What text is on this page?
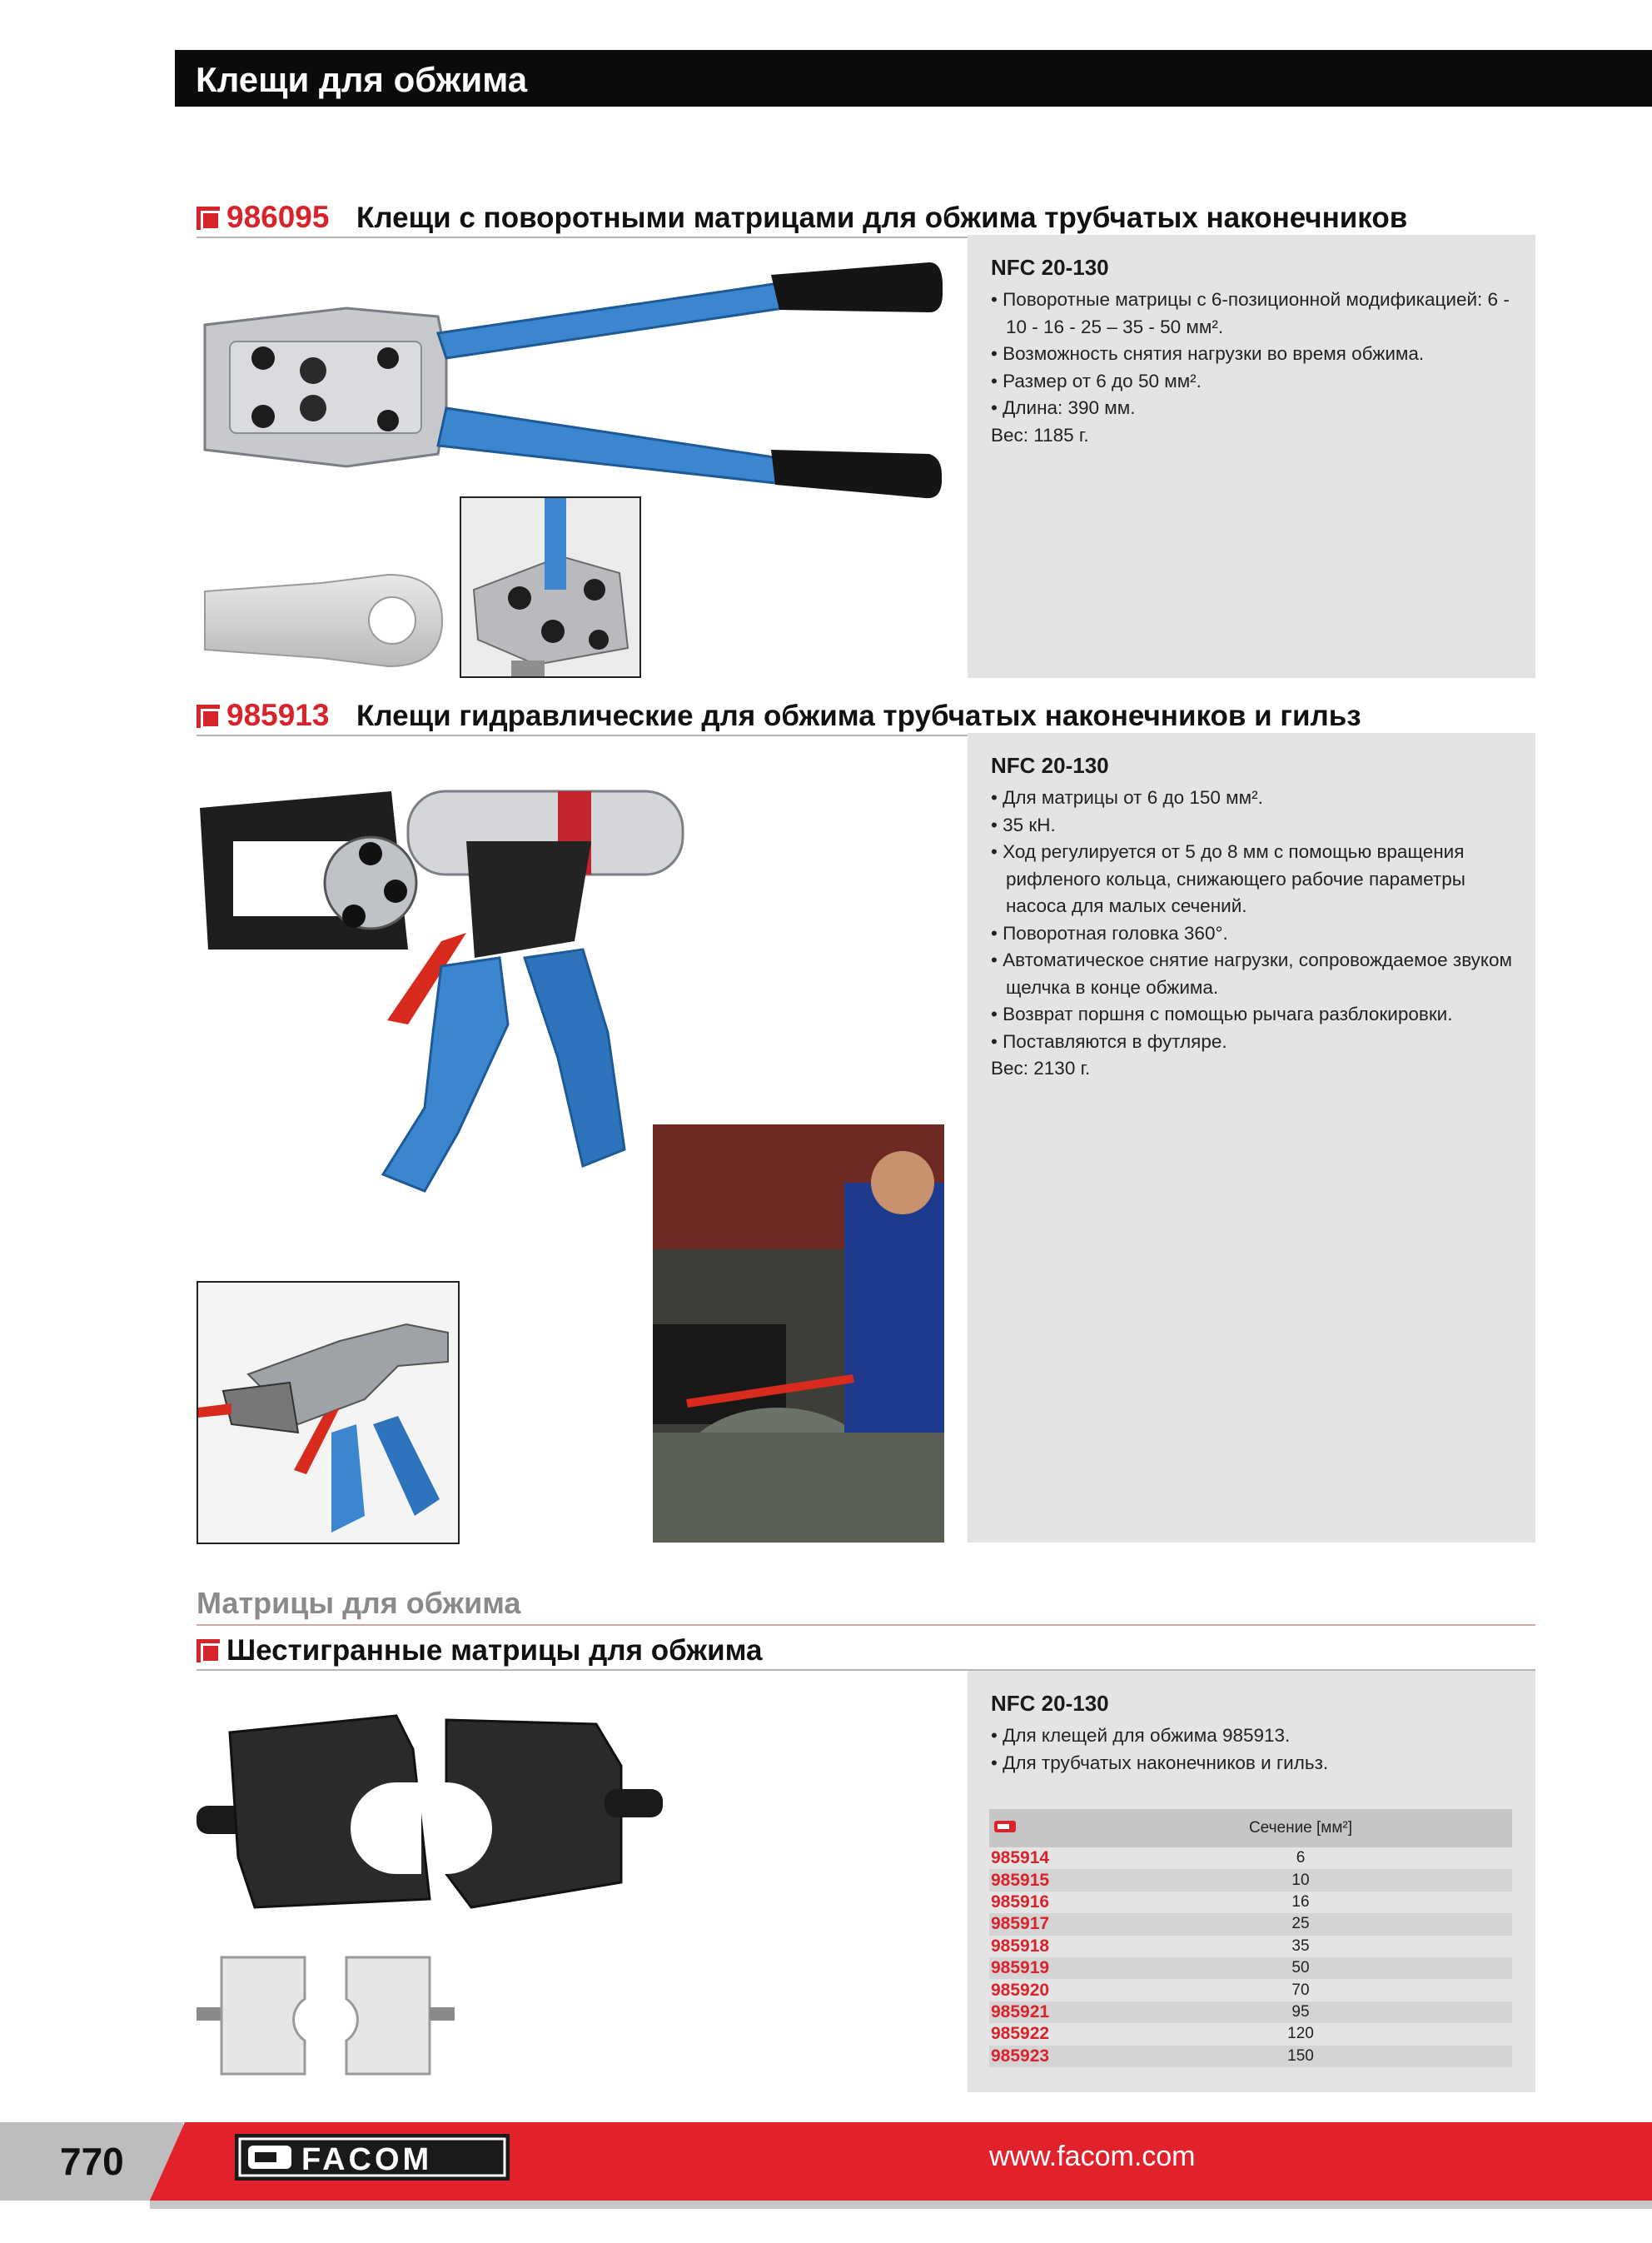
Клещи для обжима
986095 Клещи с поворотными матрицами для обжима трубчатых наконечников
NFC 20-130
• Поворотные матрицы с 6-позиционной модификацией: 6 - 10 - 16 - 25 – 35 - 50 мм².
• Возможность снятия нагрузки во время обжима.
• Размер от 6 до 50 мм².
• Длина: 390 мм.
Вес: 1185 г.
985913 Клещи гидравлические для обжима трубчатых наконечников и гильз
NFC 20-130
• Для матрицы от 6 до 150 мм².
• 35 кН.
• Ход регулируется от 5 до 8 мм с помощью вращения рифленого кольца, снижающего рабочие параметры насоса для малых сечений.
• Поворотная головка 360°.
• Автоматическое снятие нагрузки, сопровождаемое звуком щелчка в конце обжима.
• Возврат поршня с помощью рычага разблокировки.
• Поставляются в футляре.
Вес: 2130 г.
Матрицы для обжима
Шестигранные матрицы для обжима
NFC 20-130
• Для клещей для обжима 985913.
• Для трубчатых наконечников и гильз.
	Сечение [мм²]
985914	6
985915	10
985916	16
985917	25
985918	35
985919	50
985920	70
985921	95
985922	120
985923	150
770	FACOM	www.facom.com
